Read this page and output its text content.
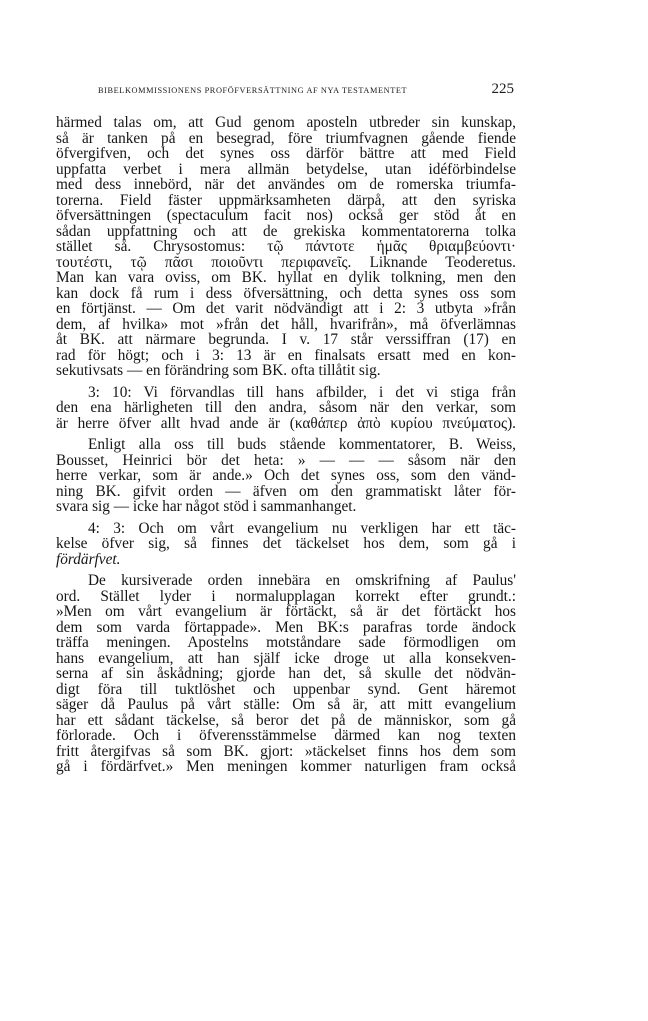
BIBELKOMMISSIONENS PROFÖFVERSÄTTNING AF NYA TESTAMENTET	225

härmed talas om, att Gud genom aposteln utbreder sin kunskap,
så är tanken på en besegrad, före triumfvagnen gående fiende
öfvergifven, och det synes oss därför bättre att med Field
uppfatta verbet i mera allmän betydelse, utan idéförbindelse
med dess innebörd, när det användes om de romerska triumfa-
torerna. Field fäster uppmärksamheten därpå, att den syriska
öfversättningen (spectaculum facit nos) också ger stöd åt en
sådan uppfattning och att de grekiska kommentatorerna tolka
stället så. Chrysostomus: τῷ πάντοτε ἡμᾶς θριαμβεύοντι·
τουτέστι, τῷ πᾶσι ποιοῦντι περιφανεῖς. Liknande Teoderetus.
Man kan vara oviss, om BK. hyllat en dylik tolkning, men den
kan dock få rum i dess öfversättning, och detta synes oss som
en förtjänst. — Om det varit nödvändigt att i 2: 3 utbyta »från
dem, af hvilka» mot »från det håll, hvarifrån», må öfverlämnas
åt BK. att närmare begrunda. I v. 17 står verssiffran (17) en
rad för högt; och i 3: 13 är en finalsats ersatt med en kon-
sekutivsats — en förändring som BK. ofta tillåtit sig.

3: 10: Vi förvandlas till hans afbilder, i det vi stiga från
den ena härligheten till den andra, såsom när den verkar, som
är herre öfver allt hvad ande är (καθάπερ ἀπὸ κυρίου πνεύματος).

Enligt alla oss till buds stående kommentatorer, B. Weiss,
Bousset, Heinrici bör det heta: » — — — såsom när den
herre verkar, som är ande.» Och det synes oss, som den vänd-
ning BK. gifvit orden — äfven om den grammatiskt låter för-
svara sig — icke har något stöd i sammanhanget.

4: 3: Och om vårt evangelium nu verkligen har ett täc-
kelse öfver sig, så finnes det täckelset hos dem, som gå i
fördärfvet.

De kursiverade orden innebära en omskrifning af Paulus'
ord. Stället lyder i normalupplagan korrekt efter grundt.:
»Men om vårt evangelium är förtäckt, så är det förtäckt hos
dem som varda förtappade». Men BK:s parafras torde ändock
träffa meningen. Apostelns motståndare sade förmodligen om
hans evangelium, att han själf icke droge ut alla konsekven-
serna af sin åskådning; gjorde han det, så skulle det nödvän-
digt föra till tuktlöshet och uppenbar synd. Gent häremot
säger då Paulus på vårt ställe: Om så är, att mitt evangelium
har ett sådant täckelse, så beror det på de människor, som gå
förlorade. Och i öfverensstämmelse därmed kan nog texten
fritt återgifvas så som BK. gjort: »täckelset finns hos dem som
gå i fördärfvet.» Men meningen kommer naturligen fram också
